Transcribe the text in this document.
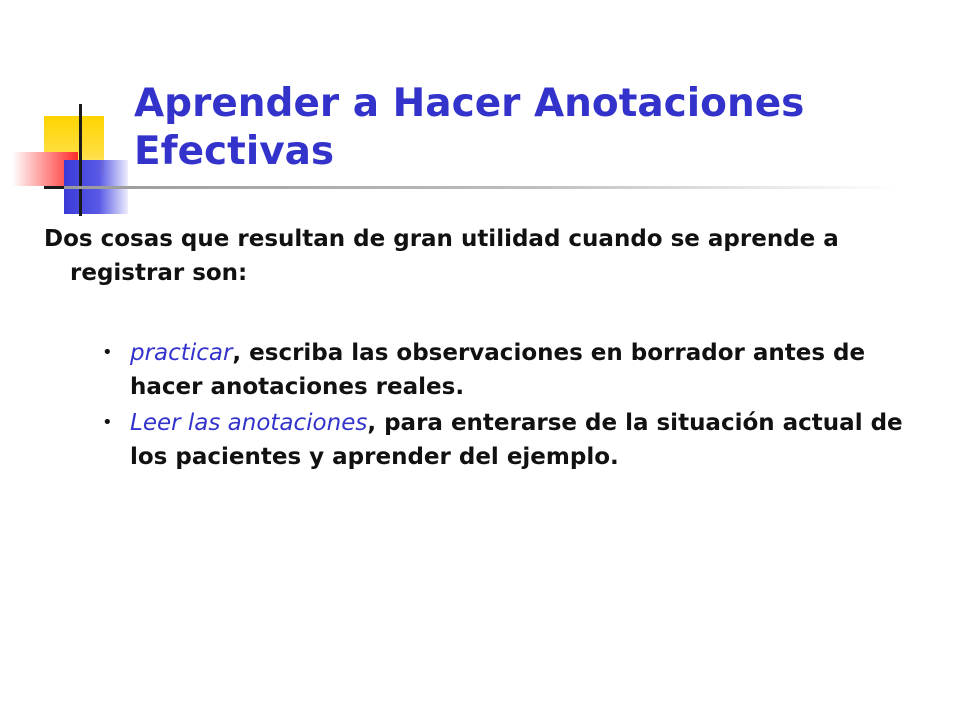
Aprender a Hacer Anotaciones
Efectivas

Dos cosas que resultan de gran utilidad cuando se aprende a registrar son:

• practicar, escriba las observaciones en borrador antes de hacer anotaciones reales.
• Leer las anotaciones, para enterarse de la situación actual de los pacientes y aprender del ejemplo.
